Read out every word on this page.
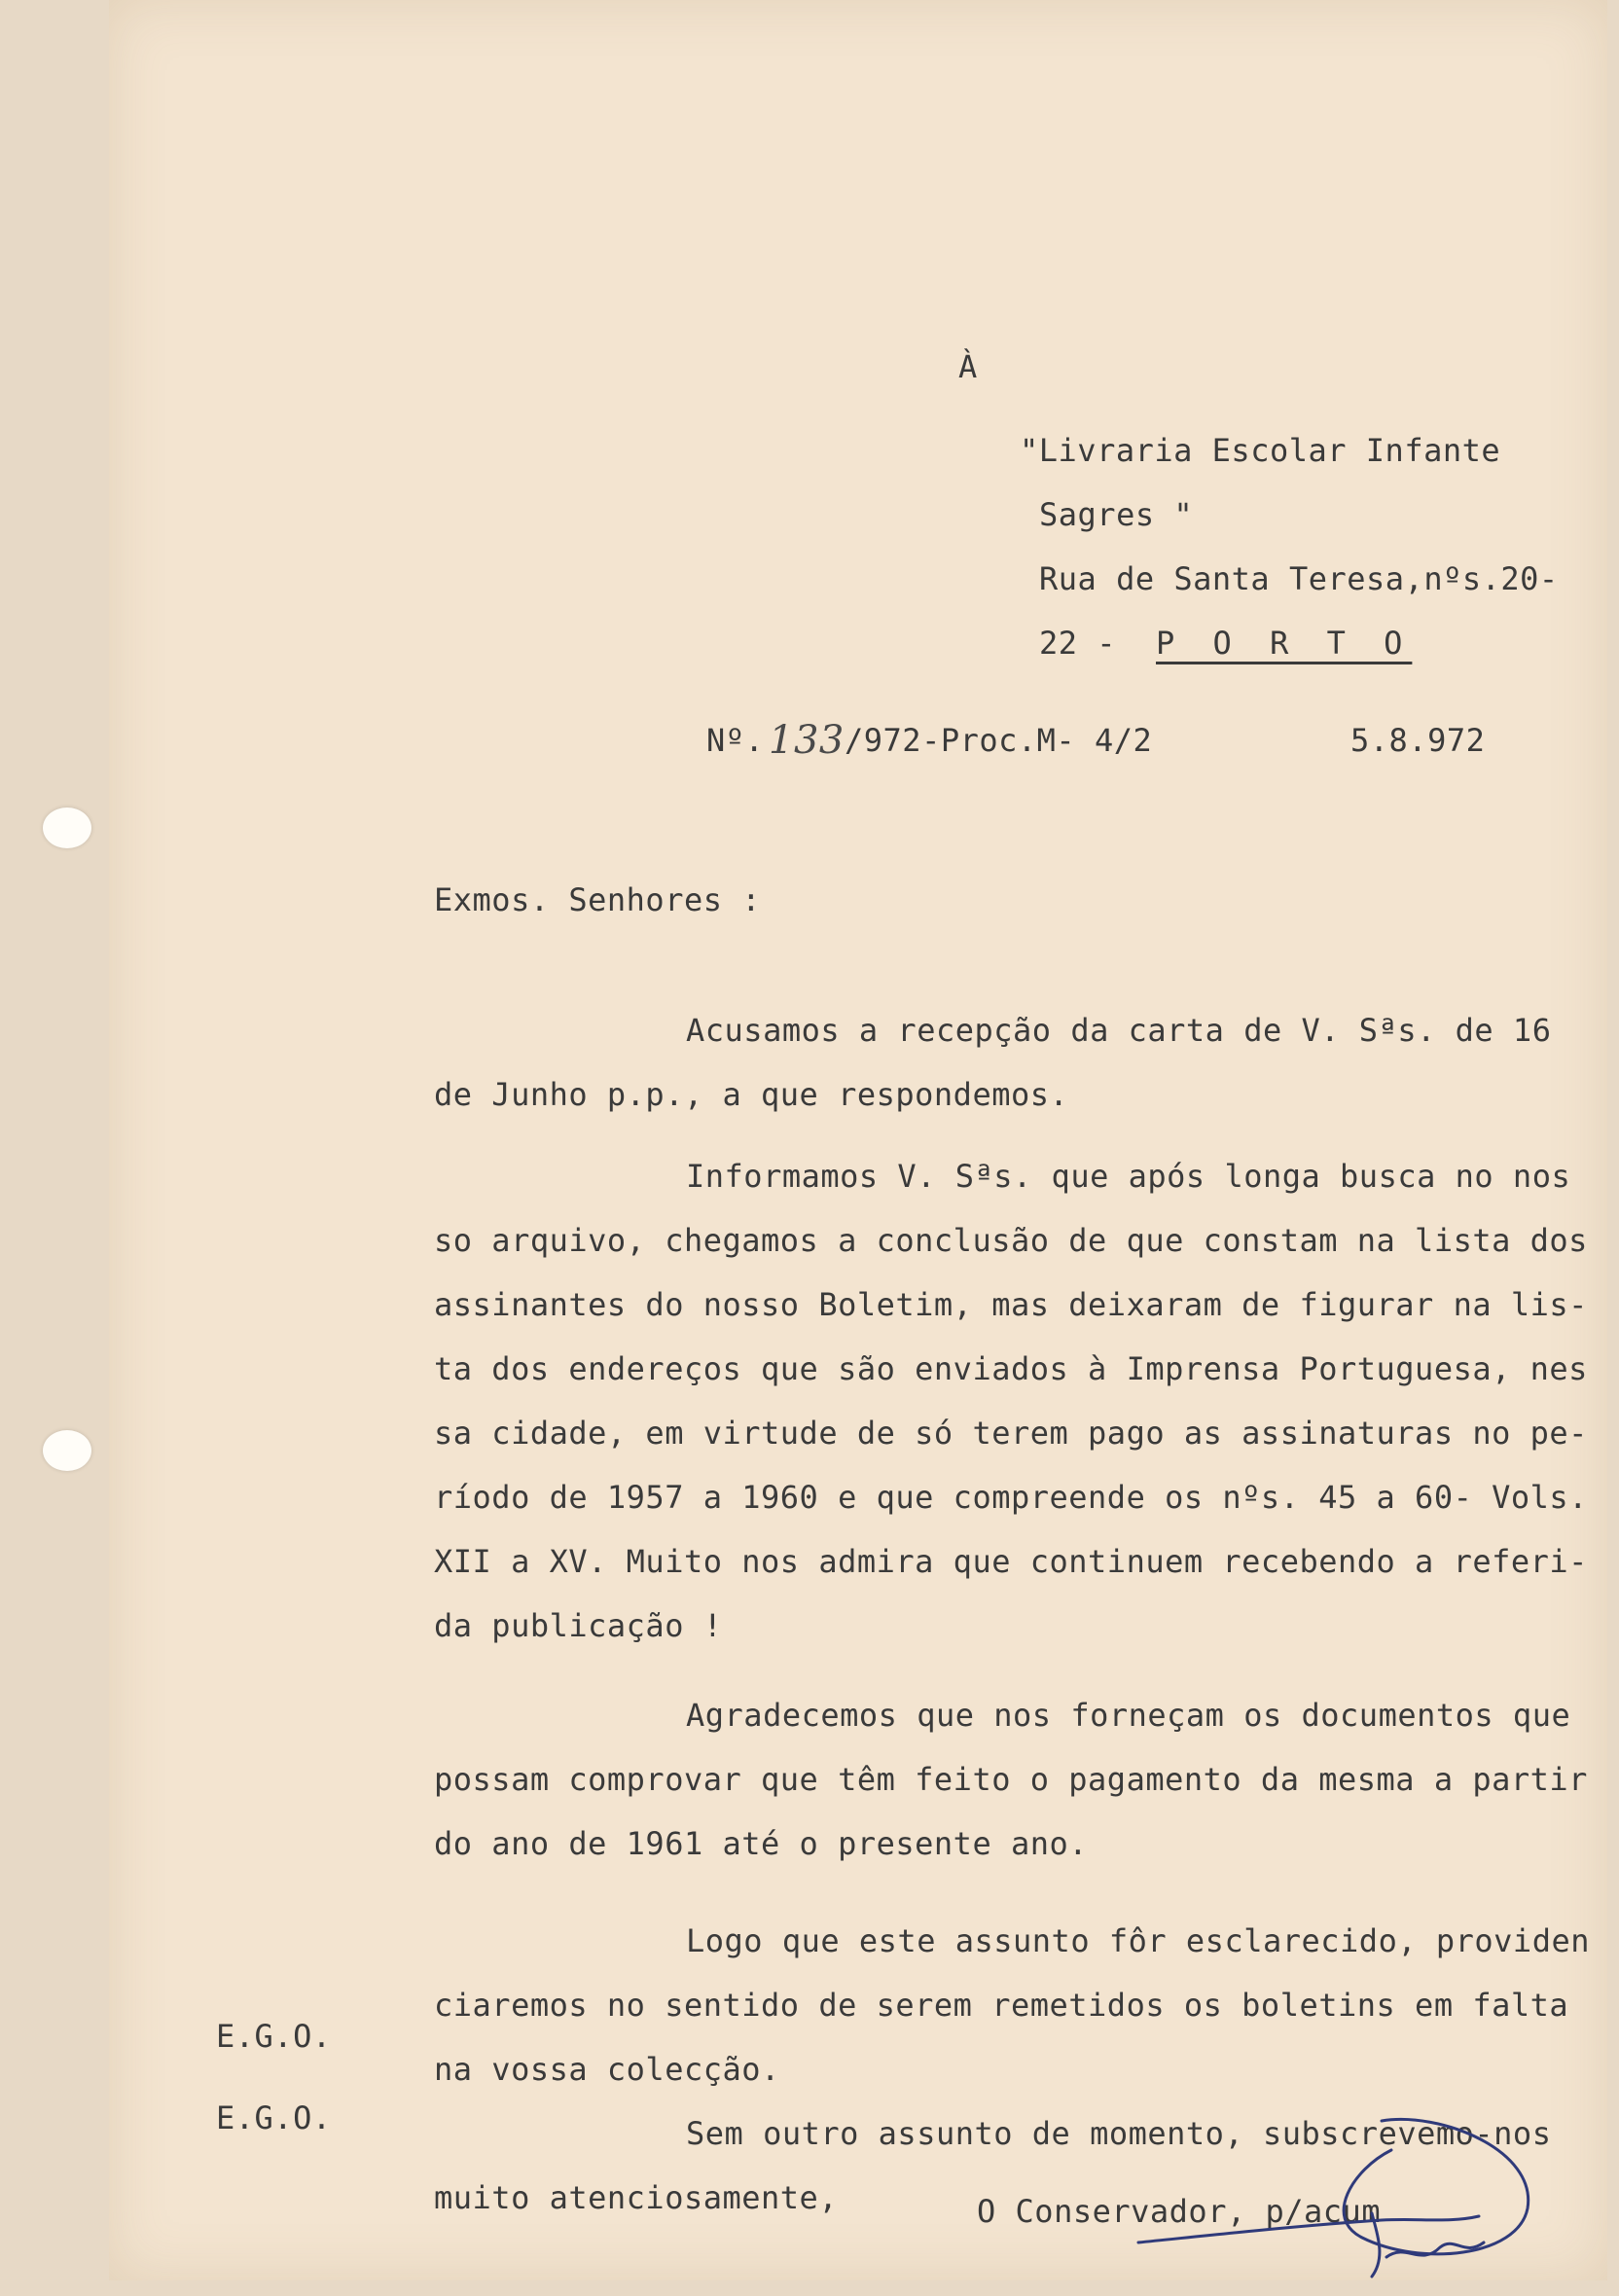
À
"Livraria Escolar Infante
Sagres "
Rua de Santa Teresa,nºs.20-
22 - P O R T O
Nº. 133 /972-Proc.M- 4/2	5.8.972
Exmos. Senhores :
Acusamos a recepção da carta de V. Sªs. de 16
de Junho p.p., a que respondemos.
Informamos V. Sªs. que após longa busca no nos
so arquivo, chegamos a conclusão de que constam na lista dos
assinantes do nosso Boletim, mas deixaram de figurar na lis-
ta dos endereços que são enviados à Imprensa Portuguesa, nes
sa cidade, em virtude de só terem pago as assinaturas no pe-
ríodo de 1957 a 1960 e que compreende os nºs. 45 a 60- Vols.
XII a XV. Muito nos admira que continuem recebendo a referi-
da publicação !
Agradecemos que nos forneçam os documentos que
possam comprovar que têm feito o pagamento da mesma a partir
do ano de 1961 até o presente ano.
Logo que este assunto fôr esclarecido, providen
ciaremos no sentido de serem remetidos os boletins em falta
na vossa colecção.
Sem outro assunto de momento, subscrevemo-nos
muito atenciosamente,
E.G.O.
E.G.O.
O Conservador, p/acum
